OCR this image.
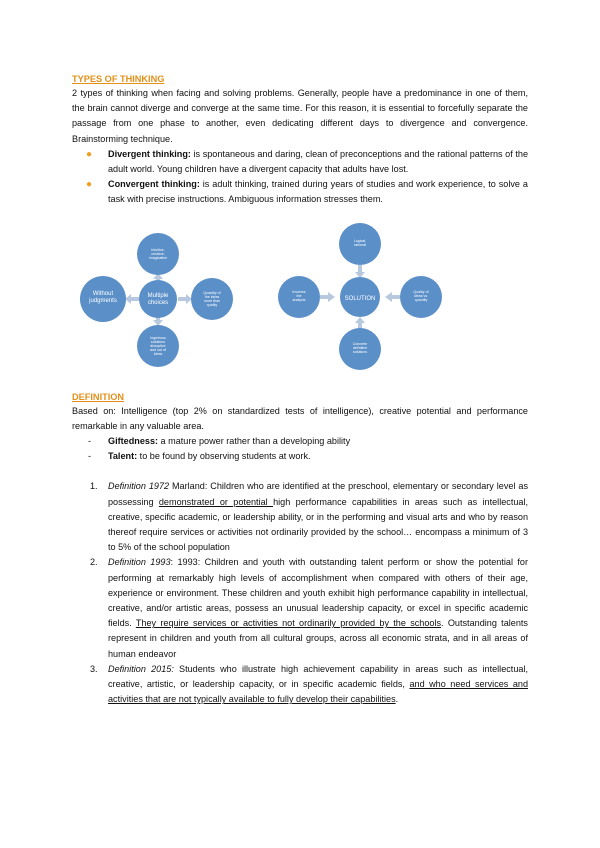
TYPES OF THINKING

2 types of thinking when facing and solving problems. Generally, people have a predominance in one of them, the brain cannot diverge and converge at the same time. For this reason, it is essential to forcefully separate the passage from one phase to another, even dedicating different days to divergence and convergence. Brainstorming technique.

● Divergent thinking: is spontaneous and daring, clean of preconceptions and the rational patterns of the adult world. Young children have a divergent capacity that adults have lost.
● Convergent thinking: is adult thinking, trained during years of studies and work experience, to solve a task with precise instructions. Ambiguous information stresses them.
Multiple
choices
Intuitive,
creative,
imaginative
Without
judgments
Quantity of
the ideas
more than
quality
Ingenious
solutions
disruptive
and out of
ideas
SOLUTION
Logical,
rational
Involves
the
analysis
Quality of
ideas vs.
quantity
Concrete
definitive
solutions
DEFINITION

Based on: Intelligence (top 2% on standardized tests of intelligence), creative potential and performance remarkable in any valuable area.

- Giftedness: a mature power rather than a developing ability
- Talent: to be found by observing students at work.
1. Definition 1972 Marland: Children who are identified at the preschool, elementary or secondary level as possessing demonstrated or potential high performance capabilities in areas such as intellectual, creative, specific academic, or leadership ability, or in the performing and visual arts and who by reason thereof require services or activities not ordinarily provided by the school… encompass a minimum of 3 to 5% of the school population
2. Definition 1993: 1993: Children and youth with outstanding talent perform or show the potential for performing at remarkably high levels of accomplishment when compared with others of their age, experience or environment. These children and youth exhibit high performance capability in intellectual, creative, and/or artistic areas, possess an unusual leadership capacity, or excel in specific academic fields. They require services or activities not ordinarily provided by the schools. Outstanding talents represent in children and youth from all cultural groups, across all economic strata, and in all areas of human endeavor
3. Definition 2015: Students who illustrate high achievement capability in areas such as intellectual, creative, artistic, or leadership capacity, or in specific academic fields, and who need services and activities that are not typically available to fully develop their capabilities.
